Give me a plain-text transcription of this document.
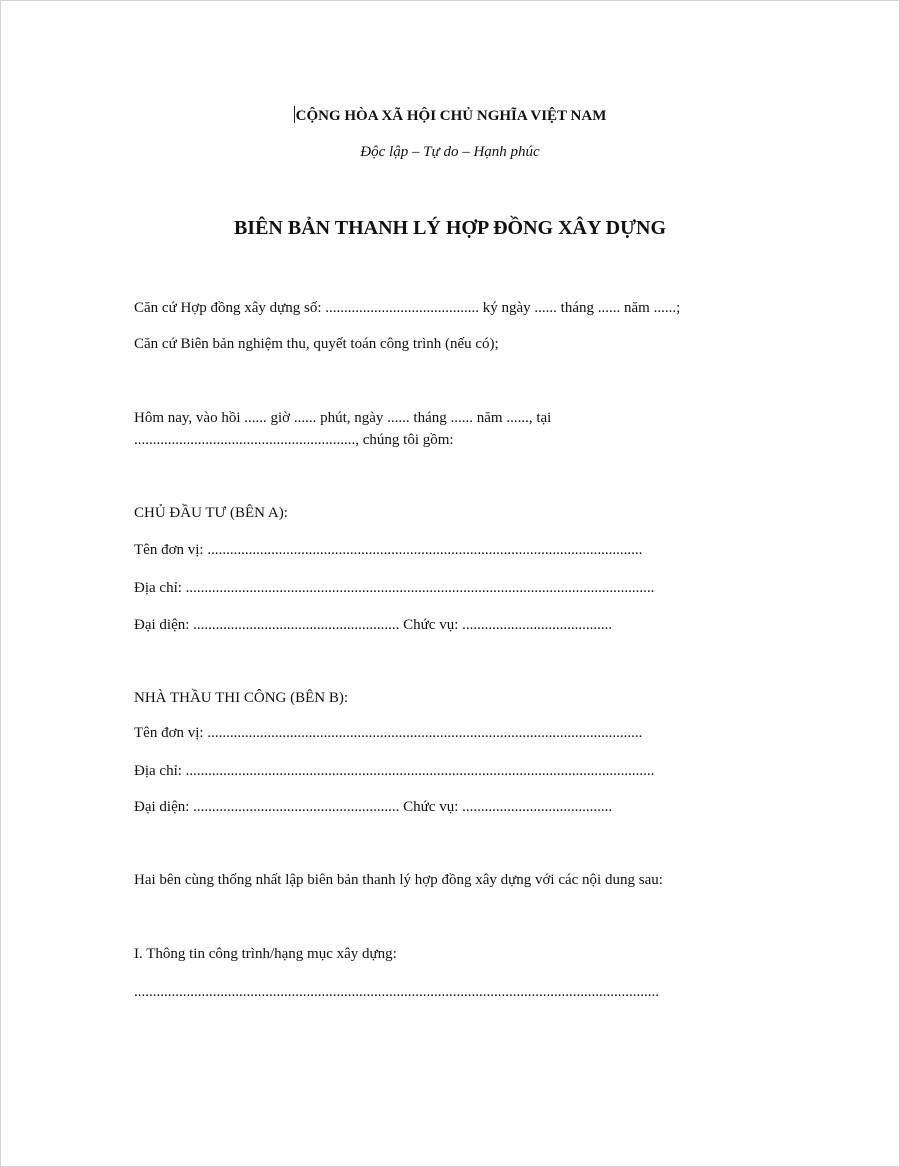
CỘNG HÒA XÃ HỘI CHỦ NGHĨA VIỆT NAM
Độc lập – Tự do – Hạnh phúc
BIÊN BẢN THANH LÝ HỢP ĐỒNG XÂY DỰNG
Căn cứ Hợp đồng xây dựng số: ......................................... ký ngày ...... tháng ...... năm ......;
Căn cứ Biên bản nghiệm thu, quyết toán công trình (nếu có);
Hôm nay, vào hồi ...... giờ ...... phút, ngày ...... tháng ...... năm ......, tại
..........................................................., chúng tôi gồm:
CHỦ ĐẦU TƯ (BÊN A):
Tên đơn vị: ....................................................................................................................
Địa chỉ: .............................................................................................................................
Đại diện: ....................................................... Chức vụ: ........................................
NHÀ THẦU THI CÔNG (BÊN B):
Tên đơn vị: ....................................................................................................................
Địa chỉ: .............................................................................................................................
Đại diện: ....................................................... Chức vụ: ........................................
Hai bên cùng thống nhất lập biên bản thanh lý hợp đồng xây dựng với các nội dung sau:
I. Thông tin công trình/hạng mục xây dựng:
............................................................................................................................................
